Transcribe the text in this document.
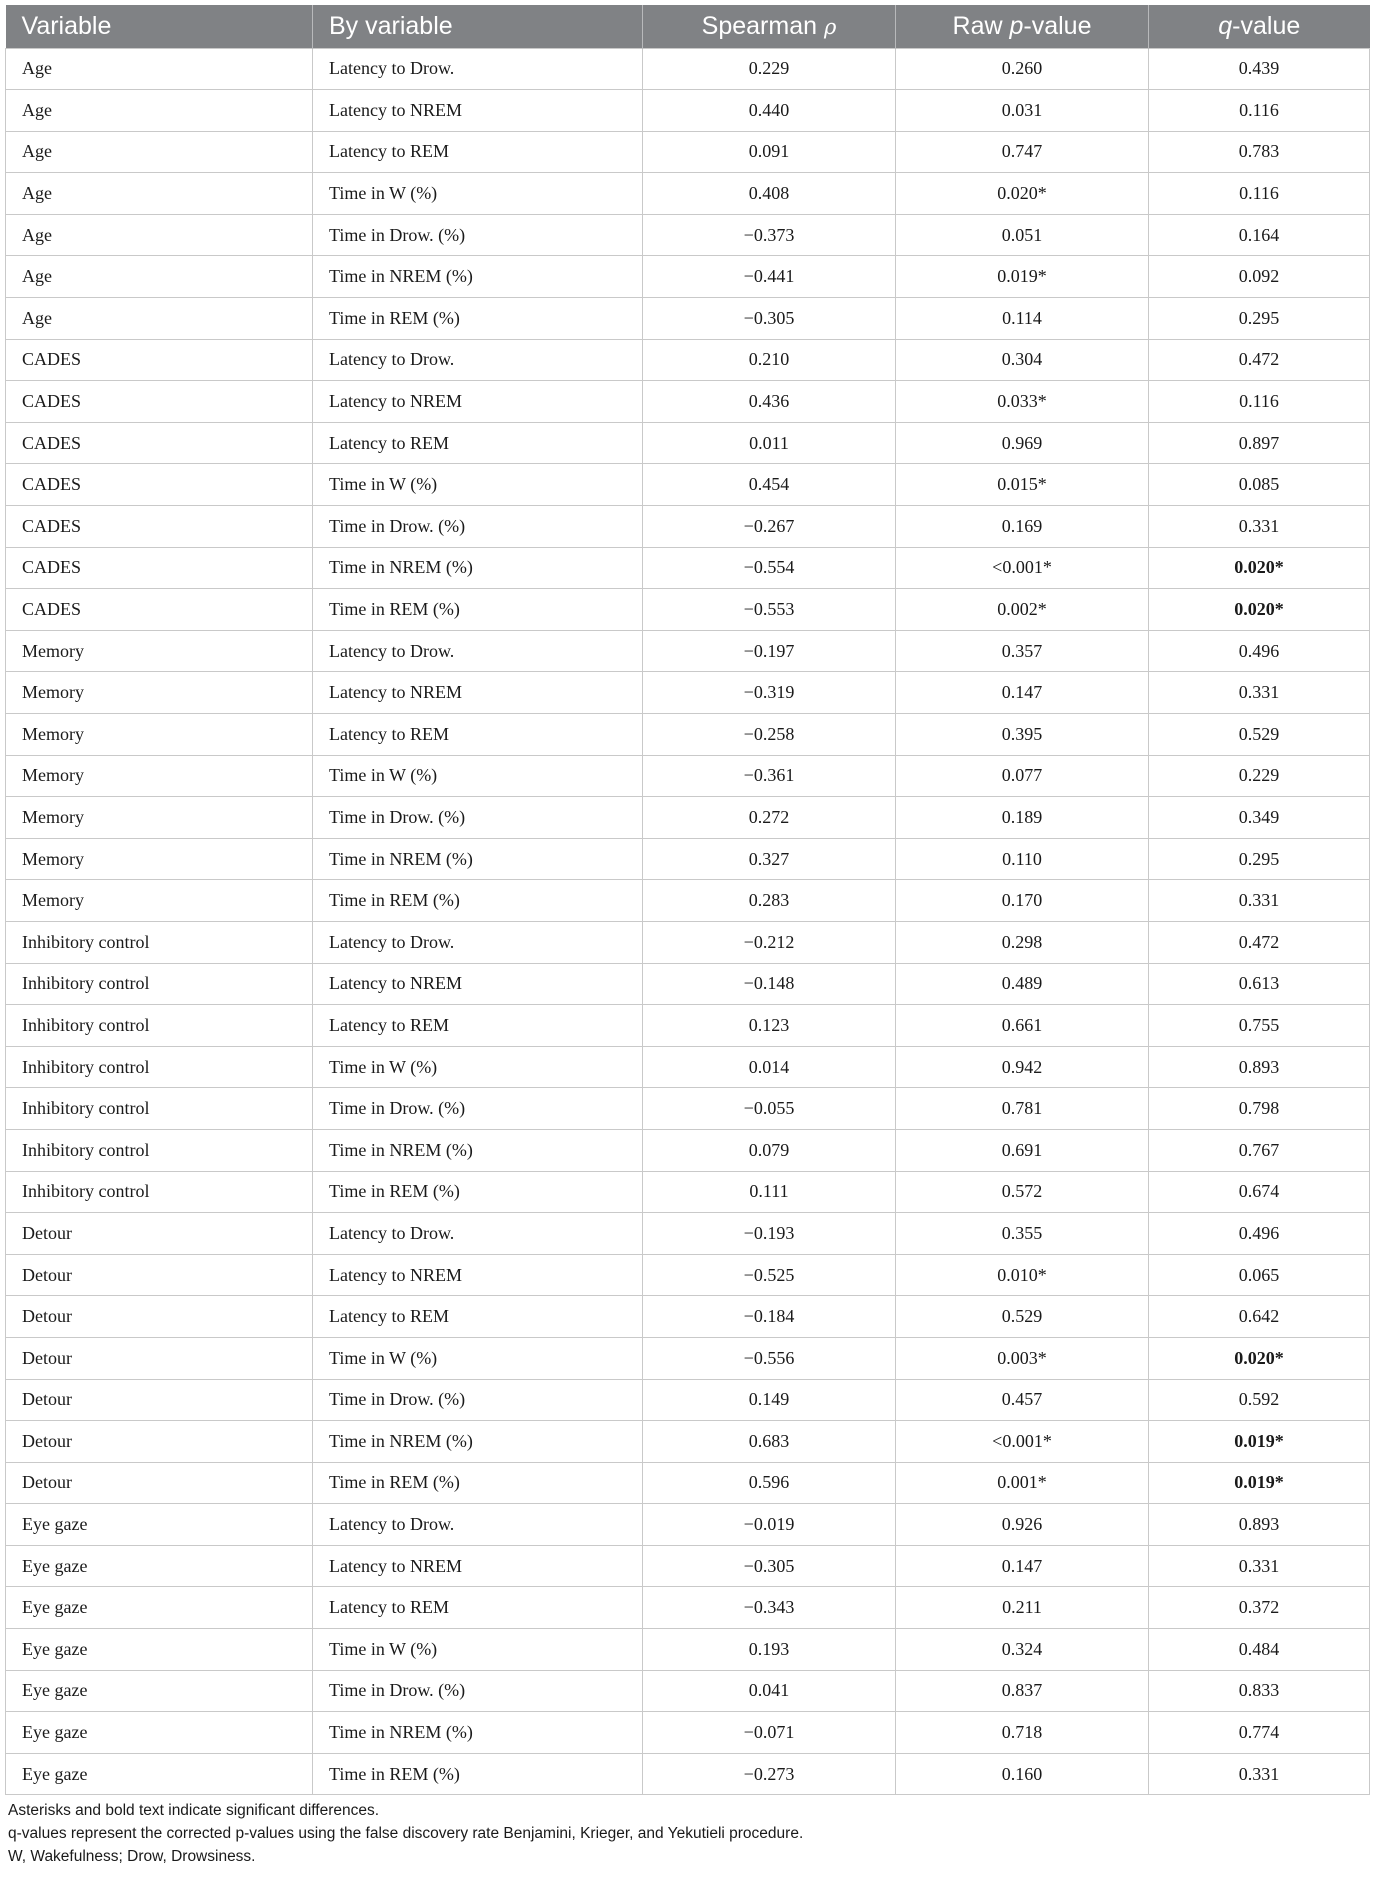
Variable	By variable	Spearman ρ	Raw p-value	q-value
Age	Latency to Drow.	0.229	0.260	0.439
Age	Latency to NREM	0.440	0.031	0.116
Age	Latency to REM	0.091	0.747	0.783
Age	Time in W (%)	0.408	0.020*	0.116
Age	Time in Drow. (%)	−0.373	0.051	0.164
Age	Time in NREM (%)	−0.441	0.019*	0.092
Age	Time in REM (%)	−0.305	0.114	0.295
CADES	Latency to Drow.	0.210	0.304	0.472
CADES	Latency to NREM	0.436	0.033*	0.116
CADES	Latency to REM	0.011	0.969	0.897
CADES	Time in W (%)	0.454	0.015*	0.085
CADES	Time in Drow. (%)	−0.267	0.169	0.331
CADES	Time in NREM (%)	−0.554	<0.001*	0.020*
CADES	Time in REM (%)	−0.553	0.002*	0.020*
Memory	Latency to Drow.	−0.197	0.357	0.496
Memory	Latency to NREM	−0.319	0.147	0.331
Memory	Latency to REM	−0.258	0.395	0.529
Memory	Time in W (%)	−0.361	0.077	0.229
Memory	Time in Drow. (%)	0.272	0.189	0.349
Memory	Time in NREM (%)	0.327	0.110	0.295
Memory	Time in REM (%)	0.283	0.170	0.331
Inhibitory control	Latency to Drow.	−0.212	0.298	0.472
Inhibitory control	Latency to NREM	−0.148	0.489	0.613
Inhibitory control	Latency to REM	0.123	0.661	0.755
Inhibitory control	Time in W (%)	0.014	0.942	0.893
Inhibitory control	Time in Drow. (%)	−0.055	0.781	0.798
Inhibitory control	Time in NREM (%)	0.079	0.691	0.767
Inhibitory control	Time in REM (%)	0.111	0.572	0.674
Detour	Latency to Drow.	−0.193	0.355	0.496
Detour	Latency to NREM	−0.525	0.010*	0.065
Detour	Latency to REM	−0.184	0.529	0.642
Detour	Time in W (%)	−0.556	0.003*	0.020*
Detour	Time in Drow. (%)	0.149	0.457	0.592
Detour	Time in NREM (%)	0.683	<0.001*	0.019*
Detour	Time in REM (%)	0.596	0.001*	0.019*
Eye gaze	Latency to Drow.	−0.019	0.926	0.893
Eye gaze	Latency to NREM	−0.305	0.147	0.331
Eye gaze	Latency to REM	−0.343	0.211	0.372
Eye gaze	Time in W (%)	0.193	0.324	0.484
Eye gaze	Time in Drow. (%)	0.041	0.837	0.833
Eye gaze	Time in NREM (%)	−0.071	0.718	0.774
Eye gaze	Time in REM (%)	−0.273	0.160	0.331
Asterisks and bold text indicate significant differences.
q-values represent the corrected p-values using the false discovery rate Benjamini, Krieger, and Yekutieli procedure.
W, Wakefulness; Drow, Drowsiness.
